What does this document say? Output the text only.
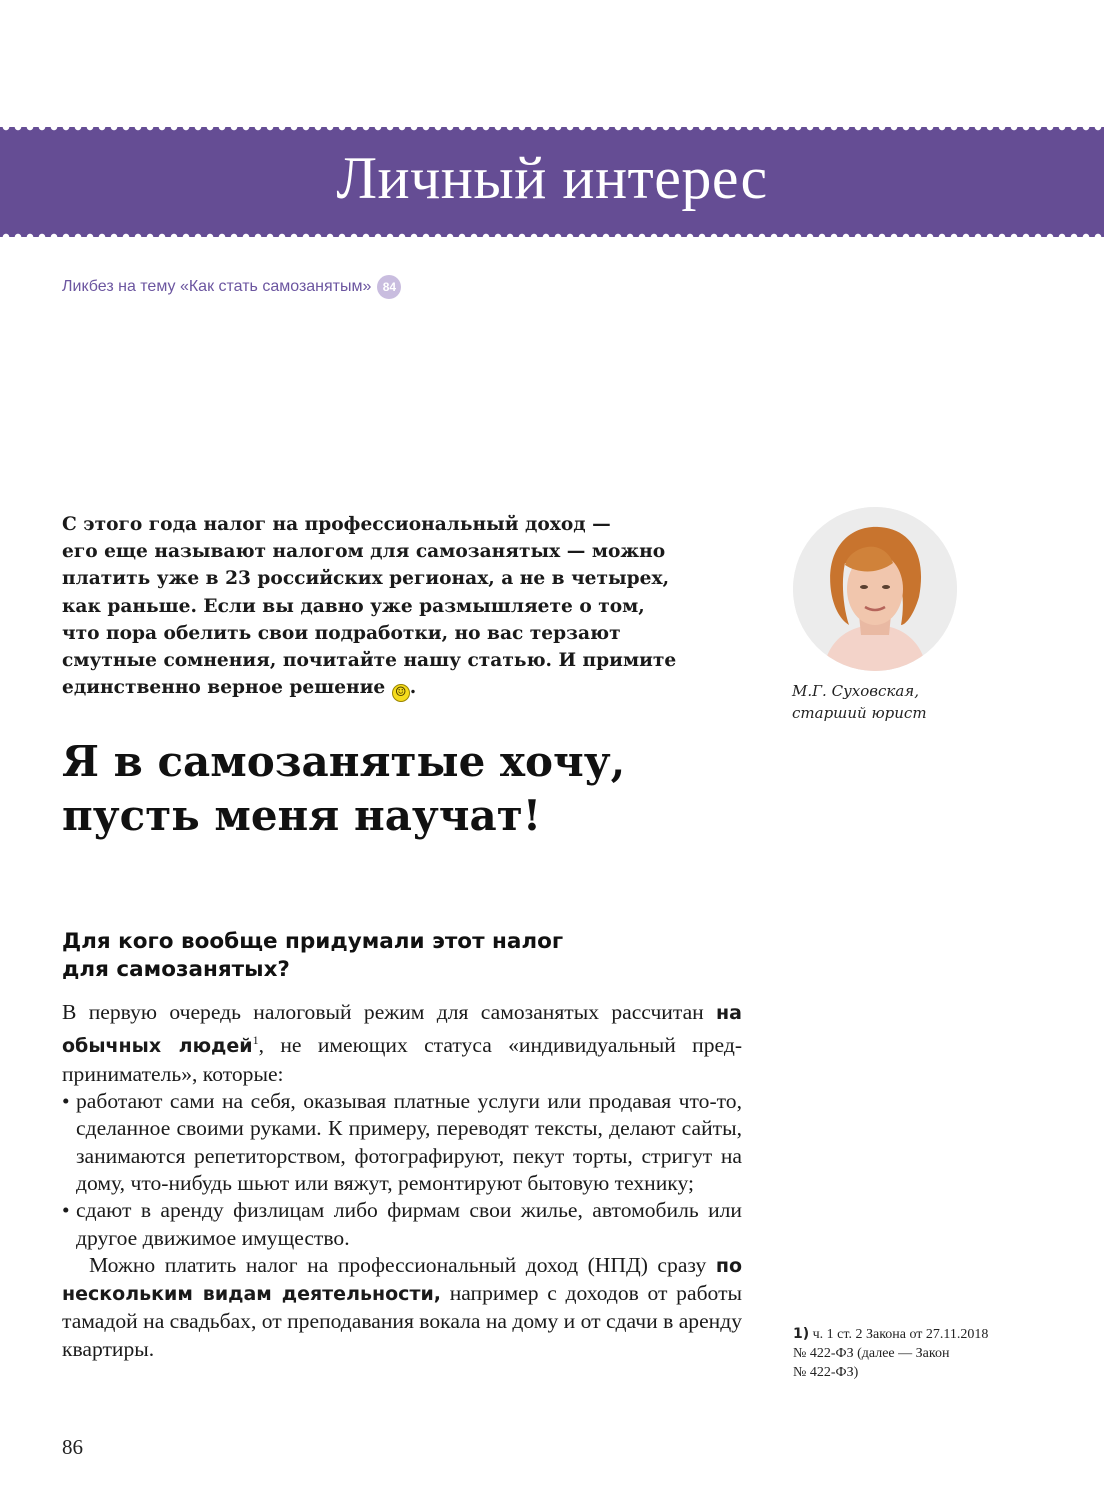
Личный интерес
Ликбез на тему «Как стать самозанятым» 84

С этого года налог на профессиональный доход —
его еще называют налогом для самозанятых — можно
платить уже в 23 российских регионах, а не в четырех,
как раньше. Если вы давно уже размышляете о том,
что пора обелить свои подработки, но вас терзают
смутные сомнения, почитайте нашу статью. И примите
единственно верное решение ☺ .	М.Г. Суховская,
старший юрист
Я в самозанятые хочу,
пусть меня научат!
Для кого вообще придумали этот налог
для самозанятых?

В первую очередь налоговый режим для самозанятых рассчитан на обычных людей$^1$, не имеющих статуса «индивидуальный предприниматель», которые:

• работают сами на себя, оказывая платные услуги или продавая что-то, сделанное своими руками. К примеру, переводят тексты, делают сайты, занимаются репетиторством, фотографируют, пекут торты, стригут на дому, что-нибудь шьют или вяжут, ремонтируют бытовую технику;
• сдают в аренду физлицам либо фирмам свои жилье, автомобиль или другое движимое имущество.

Можно платить налог на профессиональный доход (НПД) сразу по нескольким видам деятельности, например с доходов от работы тамадой на свадьбах, от преподавания вокала на дому и от сдачи в аренду квартиры.

1) ч. 1 ст. 2 Закона от 27.11.2018
№ 422-ФЗ (далее — Закон
№ 422-ФЗ)
86
